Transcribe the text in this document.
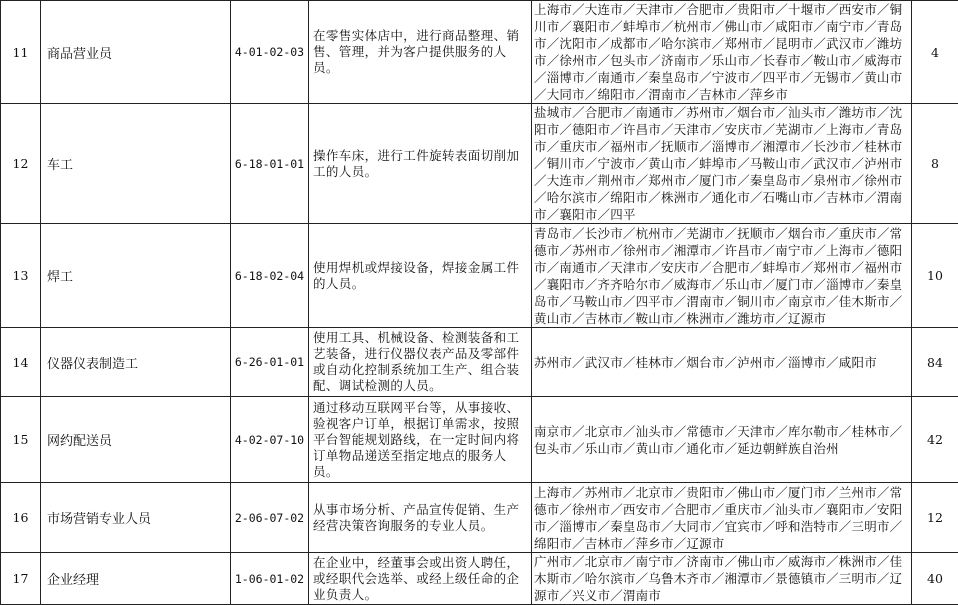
11	商品营业员	4-01-02-03	在零售实体店中，进行商品整理、销售、管理，并为客户提供服务的人员。	上海市／大连市／天津市／合肥市／贵阳市／十堰市／西安市／铜川市／襄阳市／蚌埠市／杭州市／佛山市／咸阳市／南宁市／青岛市／沈阳市／成都市／哈尔滨市／郑州市／昆明市／武汉市／潍坊市／徐州市／包头市／济南市／乐山市／长春市／鞍山市／威海市／淄博市／南通市／秦皇岛市／宁波市／四平市／无锡市／黄山市／大同市／绵阳市／渭南市／吉林市／萍乡市	4
12	车工	6-18-01-01	操作车床，进行工件旋转表面切削加工的人员。	盐城市／合肥市／南通市／苏州市／烟台市／汕头市／潍坊市／沈阳市／德阳市／许昌市／天津市／安庆市／芜湖市／上海市／青岛市／重庆市／福州市／抚顺市／淄博市／湘潭市／长沙市／桂林市／铜川市／宁波市／黄山市／蚌埠市／马鞍山市／武汉市／泸州市／大连市／荆州市／郑州市／厦门市／秦皇岛市／泉州市／徐州市／哈尔滨市／绵阳市／株洲市／通化市／石嘴山市／吉林市／渭南市／襄阳市／四平	8
13	焊工	6-18-02-04	使用焊机或焊接设备，焊接金属工件的人员。	青岛市／长沙市／杭州市／芜湖市／抚顺市／烟台市／重庆市／常德市／苏州市／徐州市／湘潭市／许昌市／南宁市／上海市／德阳市／南通市／天津市／安庆市／合肥市／蚌埠市／郑州市／福州市／襄阳市／齐齐哈尔市／威海市／乐山市／厦门市／淄博市／秦皇岛市／马鞍山市／四平市／渭南市／铜川市／南京市／佳木斯市／黄山市／吉林市／鞍山市／株洲市／潍坊市／辽源市	10
14	仪器仪表制造工	6-26-01-01	使用工具、机械设备、检测装备和工艺装备，进行仪器仪表产品及零部件或自动化控制系统加工生产、组合装配、调试检测的人员。	苏州市／武汉市／桂林市／烟台市／泸州市／淄博市／咸阳市	84
15	网约配送员	4-02-07-10	通过移动互联网平台等，从事接收、验视客户订单，根据订单需求，按照平台智能规划路线，在一定时间内将订单物品递送至指定地点的服务人员。	南京市／北京市／汕头市／常德市／天津市／库尔勒市／桂林市／包头市／乐山市／黄山市／通化市／延边朝鲜族自治州	42
16	市场营销专业人员	2-06-07-02	从事市场分析、产品宣传促销、生产经营决策咨询服务的专业人员。	上海市／苏州市／北京市／贵阳市／佛山市／厦门市／兰州市／常德市／徐州市／西安市／合肥市／重庆市／汕头市／襄阳市／安阳市／淄博市／秦皇岛市／大同市／宜宾市／呼和浩特市／三明市／绵阳市／吉林市／萍乡市／辽源市	12
17	企业经理	1-06-01-02	在企业中，经董事会或出资人聘任，或经职代会选举、或经上级任命的企业负责人。	广州市／北京市／南宁市／济南市／佛山市／威海市／株洲市／佳木斯市／哈尔滨市／乌鲁木齐市／湘潭市／景德镇市／三明市／辽源市／兴义市／渭南市	40
